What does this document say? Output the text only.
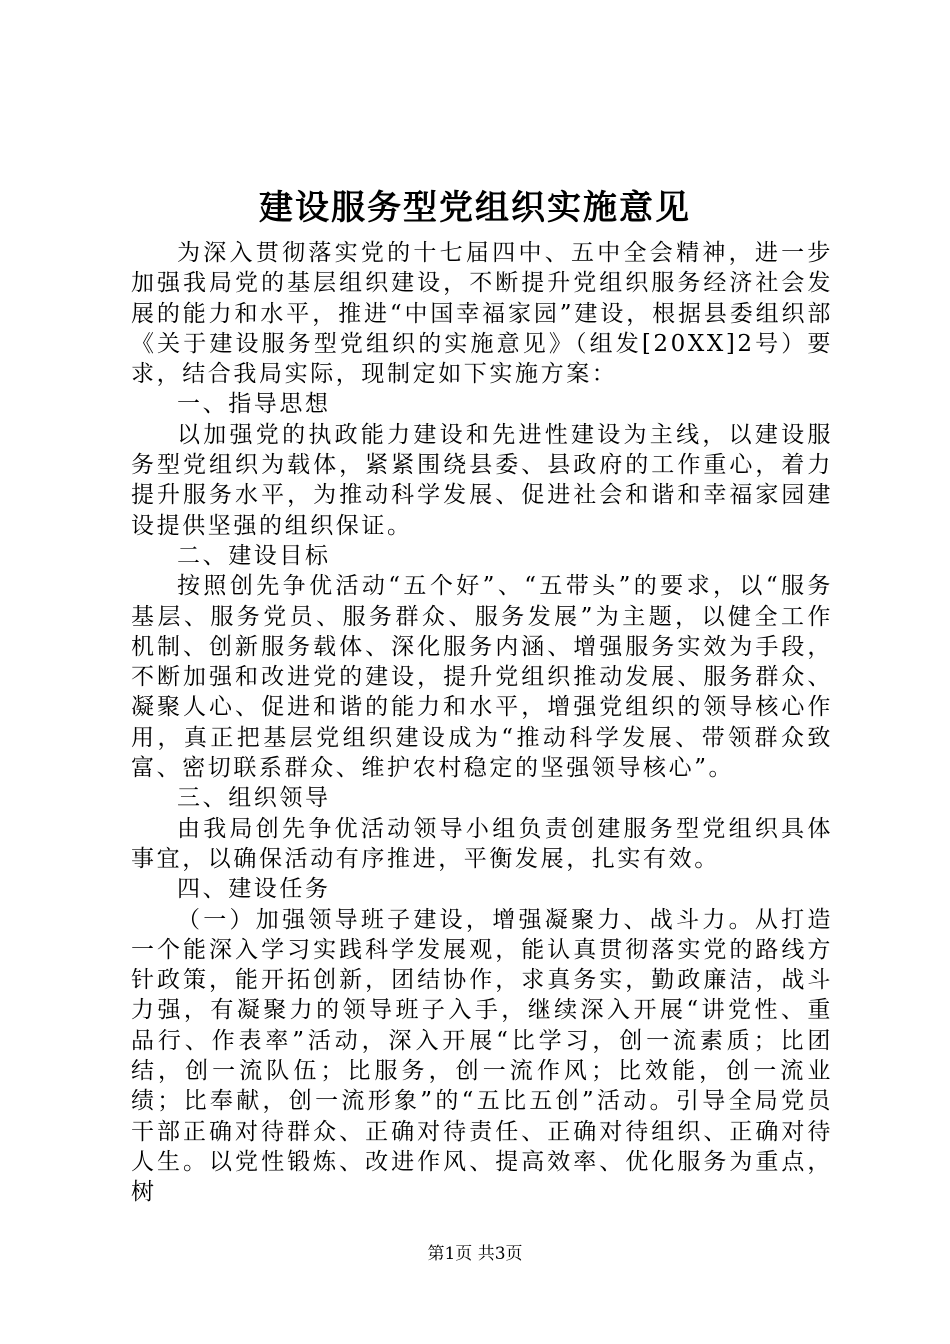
建设服务型党组织实施意见

为深入贯彻落实党的十七届四中、五中全会精神，进一步加强我局党的基层组织建设，不断提升党组织服务经济社会发展的能力和水平，推进“中国幸福家园”建设，根据县委组织部《关于建设服务型党组织的实施意见》（组发[20XX]2号）要求，结合我局实际，现制定如下实施方案：

一、指导思想

以加强党的执政能力建设和先进性建设为主线，以建设服务型党组织为载体，紧紧围绕县委、县政府的工作重心，着力提升服务水平，为推动科学发展、促进社会和谐和幸福家园建设提供坚强的组织保证。

二、建设目标

按照创先争优活动“五个好”、“五带头”的要求，以“服务基层、服务党员、服务群众、服务发展”为主题，以健全工作机制、创新服务载体、深化服务内涵、增强服务实效为手段，不断加强和改进党的建设，提升党组织推动发展、服务群众、凝聚人心、促进和谐的能力和水平，增强党组织的领导核心作用，真正把基层党组织建设成为“推动科学发展、带领群众致富、密切联系群众、维护农村稳定的坚强领导核心”。

三、组织领导

由我局创先争优活动领导小组负责创建服务型党组织具体事宜，以确保活动有序推进，平衡发展，扎实有效。

四、建设任务

（一）加强领导班子建设，增强凝聚力、战斗力。从打造一个能深入学习实践科学发展观，能认真贯彻落实党的路线方针政策，能开拓创新，团结协作，求真务实，勤政廉洁，战斗力强，有凝聚力的领导班子入手，继续深入开展“讲党性、重品行、作表率”活动，深入开展“比学习，创一流素质；比团结，创一流队伍；比服务，创一流作风；比效能，创一流业绩；比奉献，创一流形象”的“五比五创”活动。引导全局党员干部正确对待群众、正确对待责任、正确对待组织、正确对待人生。以党性锻炼、改进作风、提高效率、优化服务为重点，树

第1页 共3页
